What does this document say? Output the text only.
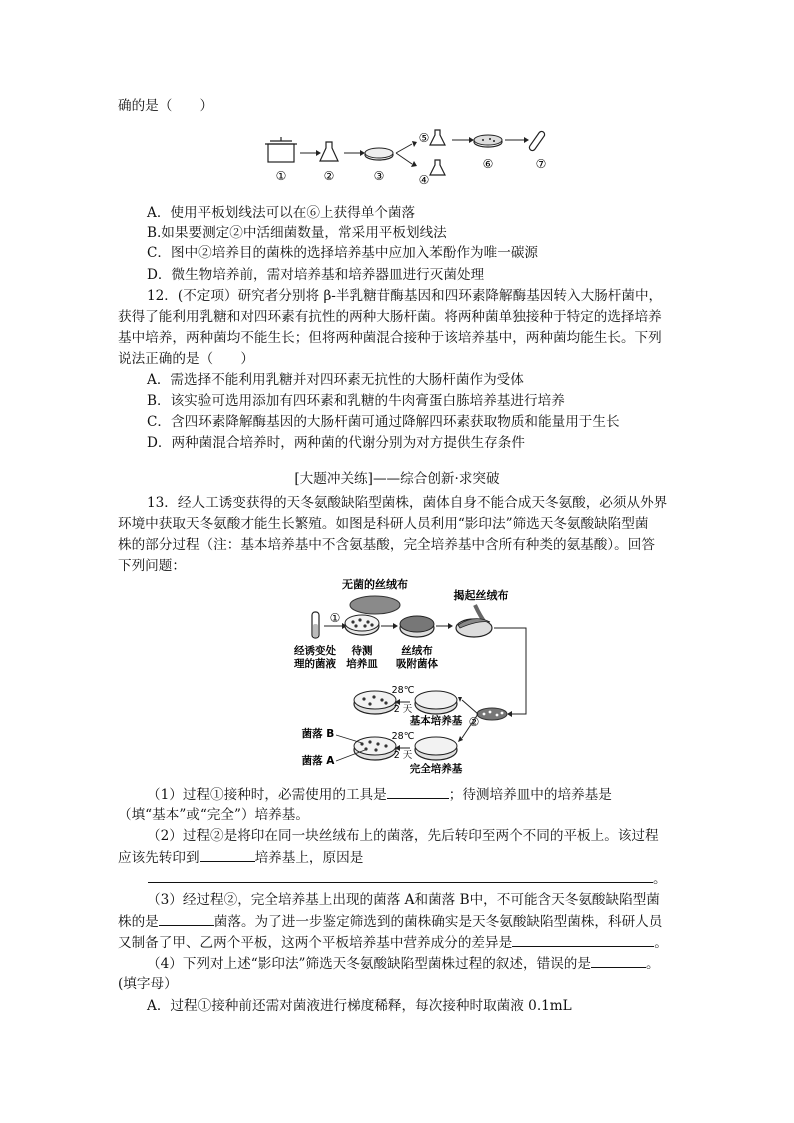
确的是（　　）
①	②	③
⑤
④
⑥	⑦
A．使用平板划线法可以在⑥上获得单个菌落
B.如果要测定②中活细菌数量，常采用平板划线法
C．图中②培养目的菌株的选择培养基中应加入苯酚作为唯一碳源
D．微生物培养前，需对培养基和培养器皿进行灭菌处理
12．(不定项）研究者分别将 β-半乳糖苷酶基因和四环素降解酶基因转入大肠杆菌中，
获得了能利用乳糖和对四环素有抗性的两种大肠杆菌。将两种菌单独接种于特定的选择培养
基中培养，两种菌均不能生长；但将两种菌混合接种于该培养基中，两种菌均能生长。下列
说法正确的是（　　）
A．需选择不能利用乳糖并对四环素无抗性的大肠杆菌作为受体
B．该实验可选用添加有四环素和乳糖的牛肉膏蛋白胨培养基进行培养
C．含四环素降解酶基因的大肠杆菌可通过降解四环素获取物质和能量用于生长
D．两种菌混合培养时，两种菌的代谢分别为对方提供生存条件
[大题冲关练]——综合创新·求突破
13．经人工诱变获得的天冬氨酸缺陷型菌株，菌体自身不能合成天冬氨酸，必须从外界
环境中获取天冬氨酸才能生长繁殖。如图是科研人员利用“影印法”筛选天冬氨酸缺陷型菌
株的部分过程（注：基本培养基中不含氨基酸，完全培养基中含所有种类的氨基酸）。回答
下列问题：
无菌的丝绒布
揭起丝绒布
①
经诱变处
理的菌液
待测
培养皿
丝绒布
吸附菌体
②
28℃
2 天
基本培养基
28℃
2 天
完全培养基
菌落 B
菌落 A
（1）过程①接种时，必需使用的工具是	；待测培养皿中的培养基是
（填“基本”或“完全”）培养基。
（2）过程②是将印在同一块丝绒布上的菌落，先后转印至两个不同的平板上。该过程
应该先转印到	培养基上，原因是
。
（3）经过程②，完全培养基上出现的菌落 A和菌落 B中，不可能含天冬氨酸缺陷型菌
株的是	菌落。为了进一步鉴定筛选到的菌株确实是天冬氨酸缺陷型菌株，科研人员
又制备了甲、乙两个平板，这两个平板培养基中营养成分的差异是	。
（4）下列对上述“影印法”筛选天冬氨酸缺陷型菌株过程的叙述，错误的是	。
(填字母）
A．过程①接种前还需对菌液进行梯度稀释，每次接种时取菌液 0.1mL
